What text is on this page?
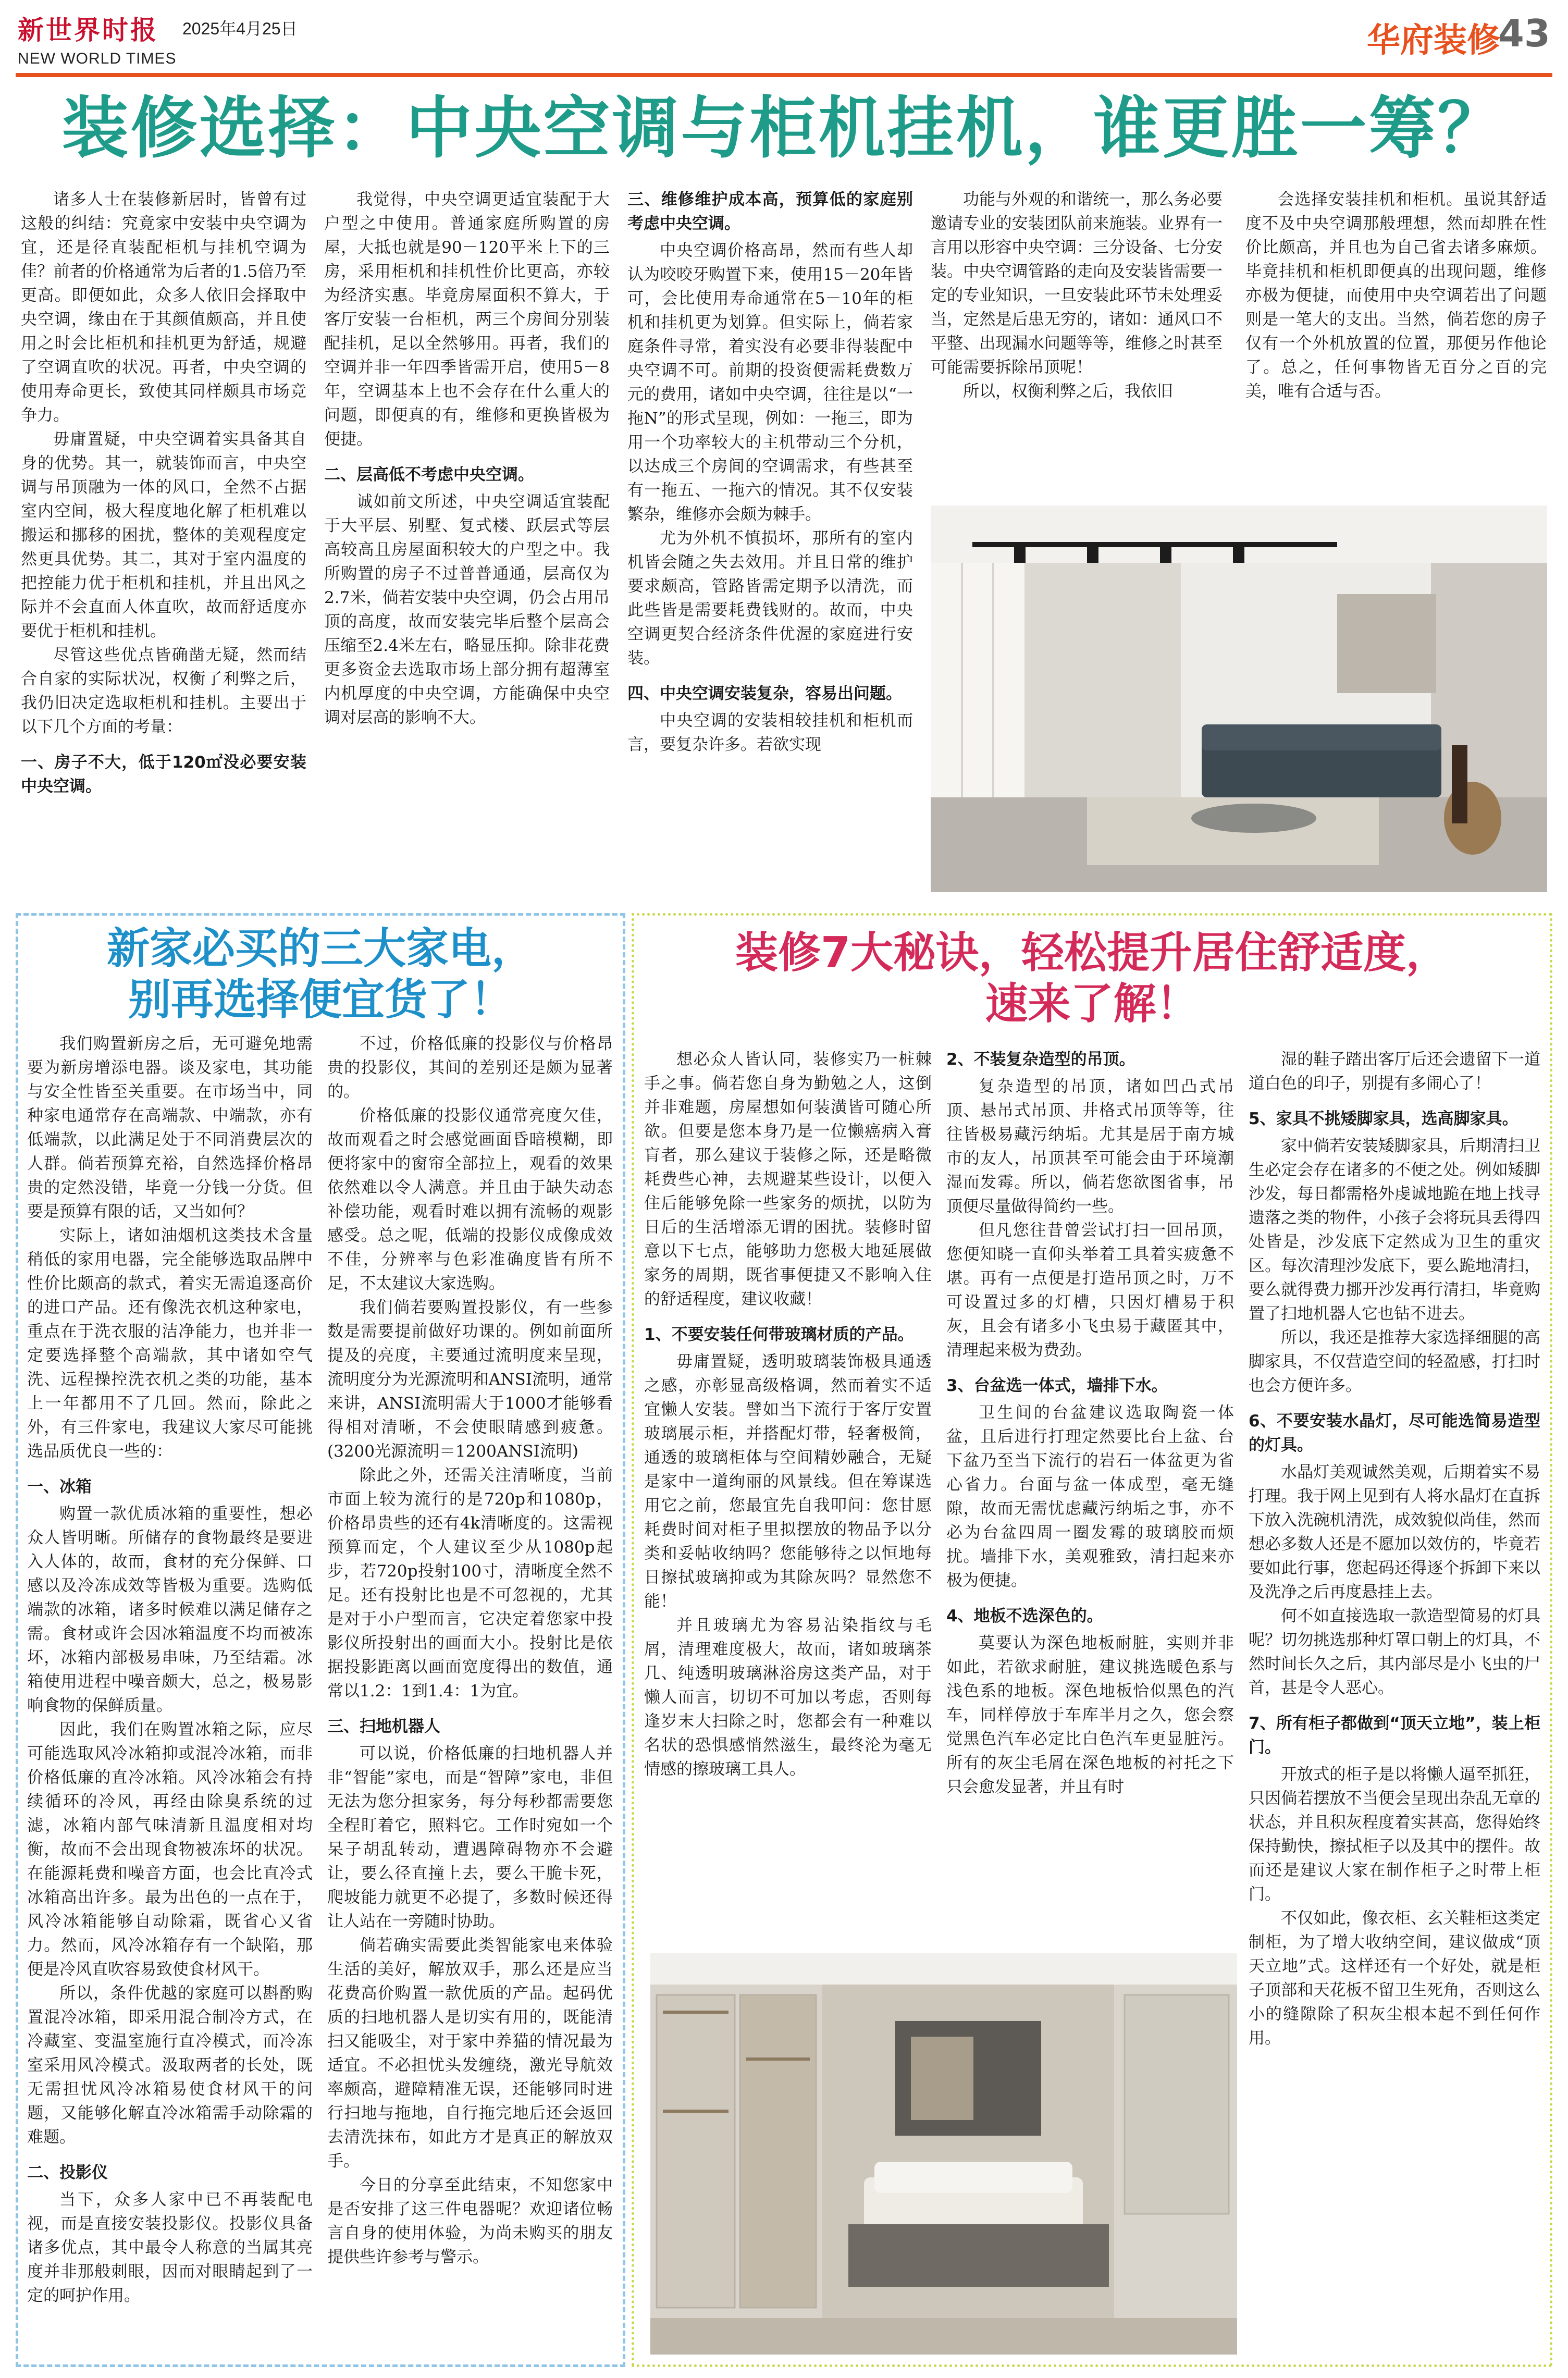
新世界时报 2025年4月25日
NEW WORLD TIMES	华府装修
43
装修选择：中央空调与柜机挂机，谁更胜一筹？

诸多人士在装修新居时，皆曾有过这般的纠结：究竟家中安装中央空调为宜，还是径直装配柜机与挂机空调为佳？前者的价格通常为后者的1.5倍乃至更高。即便如此，众多人依旧会择取中央空调，缘由在于其颜值颇高，并且使用之时会比柜机和挂机更为舒适，规避了空调直吹的状况。再者，中央空调的使用寿命更长，致使其同样颇具市场竞争力。

毋庸置疑，中央空调着实具备其自身的优势。其一，就装饰而言，中央空调与吊顶融为一体的风口，全然不占据室内空间，极大程度地化解了柜机难以搬运和挪移的困扰，整体的美观程度定然更具优势。其二，其对于室内温度的把控能力优于柜机和挂机，并且出风之际并不会直面人体直吹，故而舒适度亦要优于柜机和挂机。

尽管这些优点皆确凿无疑，然而结合自家的实际状况，权衡了利弊之后，我仍旧决定选取柜机和挂机。主要出于以下几个方面的考量：

一、房子不大，低于120㎡没必要安装中央空调。

我觉得，中央空调更适宜装配于大户型之中使用。普通家庭所购置的房屋，大抵也就是90－120平米上下的三房，采用柜机和挂机性价比更高，亦较为经济实惠。毕竟房屋面积不算大，于客厅安装一台柜机，两三个房间分别装配挂机，足以全然够用。再者，我们的空调并非一年四季皆需开启，使用5－8年，空调基本上也不会存在什么重大的问题，即便真的有，维修和更换皆极为便捷。

二、层高低不考虑中央空调。

诚如前文所述，中央空调适宜装配于大平层、别墅、复式楼、跃层式等层高较高且房屋面积较大的户型之中。我所购置的房子不过普普通通，层高仅为2.7米，倘若安装中央空调，仍会占用吊顶的高度，故而安装完毕后整个层高会压缩至2.4米左右，略显压抑。除非花费更多资金去选取市场上部分拥有超薄室内机厚度的中央空调，方能确保中央空调对层高的影响不大。

三、维修维护成本高，预算低的家庭别考虑中央空调。

中央空调价格高昂，然而有些人却认为咬咬牙购置下来，使用15－20年皆可，会比使用寿命通常在5－10年的柜机和挂机更为划算。但实际上，倘若家庭条件寻常，着实没有必要非得装配中央空调不可。前期的投资便需耗费数万元的费用，诸如中央空调，往往是以“一拖N”的形式呈现，例如：一拖三，即为用一个功率较大的主机带动三个分机，以达成三个房间的空调需求，有些甚至有一拖五、一拖六的情况。其不仅安装繁杂，维修亦会颇为棘手。

尤为外机不慎损坏，那所有的室内机皆会随之失去效用。并且日常的维护要求颇高，管路皆需定期予以清洗，而此些皆是需要耗费钱财的。故而，中央空调更契合经济条件优渥的家庭进行安装。

四、中央空调安装复杂，容易出问题。

中央空调的安装相较挂机和柜机而言，要复杂许多。若欲实现

功能与外观的和谐统一，那么务必要邀请专业的安装团队前来施装。业界有一言用以形容中央空调：三分设备、七分安装。中央空调管路的走向及安装皆需要一定的专业知识，一旦安装此环节未处理妥当，定然是后患无穷的，诸如：通风口不平整、出现漏水问题等等，维修之时甚至可能需要拆除吊顶呢！

所以，权衡利弊之后，我依旧

会选择安装挂机和柜机。虽说其舒适度不及中央空调那般理想，然而却胜在性价比颇高，并且也为自己省去诸多麻烦。毕竟挂机和柜机即便真的出现问题，维修亦极为便捷，而使用中央空调若出了问题则是一笔大的支出。当然，倘若您的房子仅有一个外机放置的位置，那便另作他论了。总之，任何事物皆无百分之百的完美，唯有合适与否。

新家必买的三大家电，
别再选择便宜货了！

我们购置新房之后，无可避免地需要为新房增添电器。谈及家电，其功能与安全性皆至关重要。在市场当中，同种家电通常存在高端款、中端款，亦有低端款，以此满足处于不同消费层次的人群。倘若预算充裕，自然选择价格昂贵的定然没错，毕竟一分钱一分货。但要是预算有限的话，又当如何？

实际上，诸如油烟机这类技术含量稍低的家用电器，完全能够选取品牌中性价比颇高的款式，着实无需追逐高价的进口产品。还有像洗衣机这种家电，重点在于洗衣服的洁净能力，也并非一定要选择整个高端款，其中诸如空气洗、远程操控洗衣机之类的功能，基本上一年都用不了几回。然而，除此之外，有三件家电，我建议大家尽可能挑选品质优良一些的：

一、冰箱

购置一款优质冰箱的重要性，想必众人皆明晰。所储存的食物最终是要进入人体的，故而，食材的充分保鲜、口感以及冷冻成效等皆极为重要。选购低端款的冰箱，诸多时候难以满足储存之需。食材或许会因冰箱温度不均而被冻坏，冰箱内部极易串味，乃至结霜。冰箱使用进程中噪音颇大，总之，极易影响食物的保鲜质量。

因此，我们在购置冰箱之际，应尽可能选取风冷冰箱抑或混冷冰箱，而非价格低廉的直冷冰箱。风冷冰箱会有持续循环的冷风，再经由除臭系统的过滤，冰箱内部气味清新且温度相对均衡，故而不会出现食物被冻坏的状况。在能源耗费和噪音方面，也会比直冷式冰箱高出许多。最为出色的一点在于，风冷冰箱能够自动除霜，既省心又省力。然而，风冷冰箱存有一个缺陷，那便是冷风直吹容易致使食材风干。

所以，条件优越的家庭可以斟酌购置混冷冰箱，即采用混合制冷方式，在冷藏室、变温室施行直冷模式，而冷冻室采用风冷模式。汲取两者的长处，既无需担忧风冷冰箱易使食材风干的问题，又能够化解直冷冰箱需手动除霜的难题。

二、投影仪

当下，众多人家中已不再装配电视，而是直接安装投影仪。投影仪具备诸多优点，其中最令人称意的当属其亮度并非那般刺眼，因而对眼睛起到了一定的呵护作用。

不过，价格低廉的投影仪与价格昂贵的投影仪，其间的差别还是颇为显著的。

价格低廉的投影仪通常亮度欠佳，故而观看之时会感觉画面昏暗模糊，即便将家中的窗帘全部拉上，观看的效果依然难以令人满意。并且由于缺失动态补偿功能，观看时难以拥有流畅的观影感受。总之呢，低端的投影仪成像成效不佳，分辨率与色彩准确度皆有所不足，不太建议大家选购。

我们倘若要购置投影仪，有一些参数是需要提前做好功课的。例如前面所提及的亮度，主要通过流明度来呈现，流明度分为光源流明和ANSI流明，通常来讲，ANSI流明需大于1000才能够看得相对清晰，不会使眼睛感到疲惫。(3200光源流明＝1200ANSI流明)

除此之外，还需关注清晰度，当前市面上较为流行的是720p和1080p，价格昂贵些的还有4k清晰度的。这需视预算而定，个人建议至少从1080p起步，若720p投射100寸，清晰度全然不足。还有投射比也是不可忽视的，尤其是对于小户型而言，它决定着您家中投影仪所投射出的画面大小。投射比是依据投影距离以画面宽度得出的数值，通常以1.2：1到1.4：1为宜。

三、扫地机器人

可以说，价格低廉的扫地机器人并非“智能”家电，而是“智障”家电，非但无法为您分担家务，每分每秒都需要您全程盯着它，照料它。工作时宛如一个呆子胡乱转动，遭遇障碍物亦不会避让，要么径直撞上去，要么干脆卡死，爬坡能力就更不必提了，多数时候还得让人站在一旁随时协助。

倘若确实需要此类智能家电来体验生活的美好，解放双手，那么还是应当花费高价购置一款优质的产品。起码优质的扫地机器人是切实有用的，既能清扫又能吸尘，对于家中养猫的情况最为适宜。不必担忧头发缠绕，激光导航效率颇高，避障精准无误，还能够同时进行扫地与拖地，自行拖完地后还会返回去清洗抹布，如此方才是真正的解放双手。

今日的分享至此结束，不知您家中是否安排了这三件电器呢？欢迎诸位畅言自身的使用体验，为尚未购买的朋友提供些许参考与警示。

装修7大秘诀，轻松提升居住舒适度，
速来了解！

想必众人皆认同，装修实乃一桩棘手之事。倘若您自身为勤勉之人，这倒并非难题，房屋想如何装潢皆可随心所欲。但要是您本身乃是一位懒癌病入膏肓者，那么建议于装修之际，还是略微耗费些心神，去规避某些设计，以便入住后能够免除一些家务的烦扰，以防为日后的生活增添无谓的困扰。装修时留意以下七点，能够助力您极大地延展做家务的周期，既省事便捷又不影响入住的舒适程度，建议收藏！

1、不要安装任何带玻璃材质的产品。

毋庸置疑，透明玻璃装饰极具通透之感，亦彰显高级格调，然而着实不适宜懒人安装。譬如当下流行于客厅安置玻璃展示柜，并搭配灯带，轻奢极简，通透的玻璃柜体与空间精妙融合，无疑是家中一道绚丽的风景线。但在筹谋选用它之前，您最宜先自我叩问：您甘愿耗费时间对柜子里拟摆放的物品予以分类和妥帖收纳吗？您能够待之以恒地每日擦拭玻璃抑或为其除灰吗？显然您不能！

并且玻璃尤为容易沾染指纹与毛屑，清理难度极大，故而，诸如玻璃茶几、纯透明玻璃淋浴房这类产品，对于懒人而言，切切不可加以考虑，否则每逢岁末大扫除之时，您都会有一种难以名状的恐惧感悄然滋生，最终沦为毫无情感的擦玻璃工具人。

2、不装复杂造型的吊顶。

复杂造型的吊顶，诸如凹凸式吊顶、悬吊式吊顶、井格式吊顶等等，往往皆极易藏污纳垢。尤其是居于南方城市的友人，吊顶甚至可能会由于环境潮湿而发霉。所以，倘若您欲图省事，吊顶便尽量做得简约一些。

但凡您往昔曾尝试打扫一回吊顶，您便知晓一直仰头举着工具着实疲惫不堪。再有一点便是打造吊顶之时，万不可设置过多的灯槽，只因灯槽易于积灰，且会有诸多小飞虫易于藏匿其中，清理起来极为费劲。

3、台盆选一体式，墙排下水。

卫生间的台盆建议选取陶瓷一体盆，且后进行打理定然要比台上盆、台下盆乃至当下流行的岩石一体盆更为省心省力。台面与盆一体成型，毫无缝隙，故而无需忧虑藏污纳垢之事，亦不必为台盆四周一圈发霉的玻璃胶而烦扰。墙排下水，美观雅致，清扫起来亦极为便捷。

4、地板不选深色的。

莫要认为深色地板耐脏，实则并非如此，若欲求耐脏，建议挑选暖色系与浅色系的地板。深色地板恰似黑色的汽车，同样停放于车库半月之久，您会察觉黑色汽车必定比白色汽车更显脏污。所有的灰尘毛屑在深色地板的衬托之下只会愈发显著，并且有时

湿的鞋子踏出客厅后还会遗留下一道道白色的印子，别提有多闹心了！

5、家具不挑矮脚家具，选高脚家具。

家中倘若安装矮脚家具，后期清扫卫生必定会存在诸多的不便之处。例如矮脚沙发，每日都需格外虔诚地跪在地上找寻遗落之类的物件，小孩子会将玩具丢得四处皆是，沙发底下定然成为卫生的重灾区。每次清理沙发底下，要么跪地清扫，要么就得费力挪开沙发再行清扫，毕竟购置了扫地机器人它也钻不进去。

所以，我还是推荐大家选择细腿的高脚家具，不仅营造空间的轻盈感，打扫时也会方便许多。

6、不要安装水晶灯，尽可能选简易造型的灯具。

水晶灯美观诚然美观，后期着实不易打理。我于网上见到有人将水晶灯在直拆下放入洗碗机清洗，成效貌似尚佳，然而想必多数人还是不愿加以效仿的，毕竟若要如此行事，您起码还得逐个拆卸下来以及洗净之后再度悬挂上去。

何不如直接选取一款造型简易的灯具呢？切勿挑选那种灯罩口朝上的灯具，不然时间长久之后，其内部尽是小飞虫的尸首，甚是令人恶心。

7、所有柜子都做到“顶天立地”，装上柜门。

开放式的柜子是以将懒人逼至抓狂，只因倘若摆放不当便会呈现出杂乱无章的状态，并且积灰程度着实甚高，您得始终保持勤快，擦拭柜子以及其中的摆件。故而还是建议大家在制作柜子之时带上柜门。

不仅如此，像衣柜、玄关鞋柜这类定制柜，为了增大收纳空间，建议做成“顶天立地”式。这样还有一个好处，就是柜子顶部和天花板不留卫生死角，否则这么小的缝隙除了积灰尘根本起不到任何作用。
